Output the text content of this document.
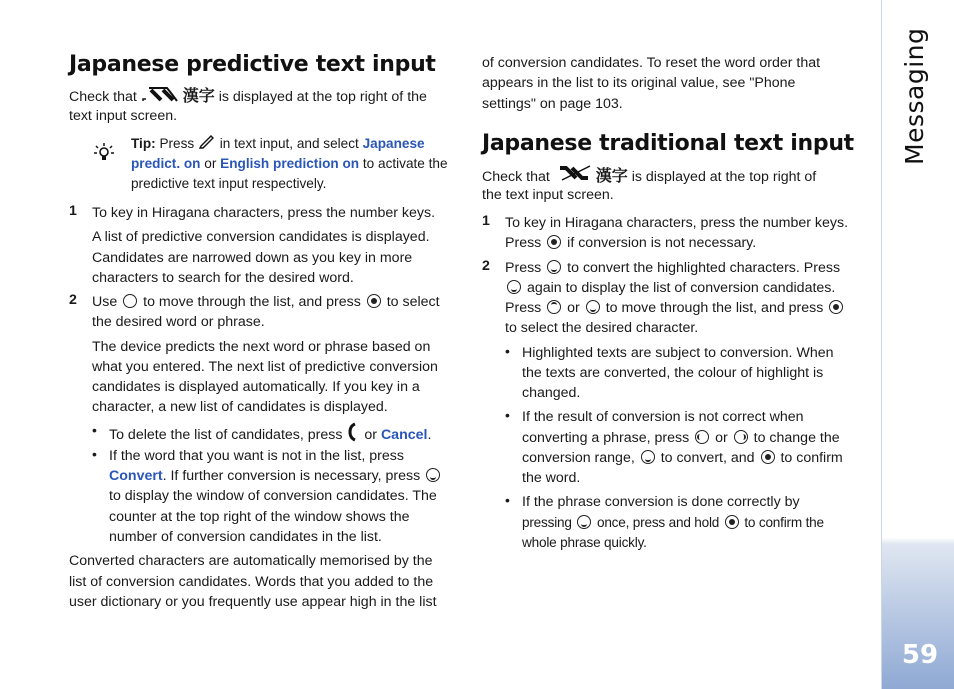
Japanese predictive text input
Check that	漢字 is displayed at the top right of the
text input screen.
Tip: Press in text input, and select Japanese
predict. on or English prediction on to activate the
predictive text input respectively.
1 To key in Hiragana characters, press the number keys.
A list of predictive conversion candidates is displayed.
Candidates are narrowed down as you key in more
characters to search for the desired word.
2 Use to move through the list, and press to select
the desired word or phrase.
The device predicts the next word or phrase based on
what you entered. The next list of predictive conversion
candidates is displayed automatically. If you key in a
character, a new list of candidates is displayed.
• To delete the list of candidates, press or Cancel.
• If the word that you want is not in the list, press
Convert. If further conversion is necessary, press
to display the window of conversion candidates. The
counter at the top right of the window shows the
number of conversion candidates in the list.
Converted characters are automatically memorised by the
list of conversion candidates. Words that you added to the
user dictionary or you frequently use appear high in the list
of conversion candidates. To reset the word order that
appears in the list to its original value, see "Phone
settings" on page 103.
Japanese traditional text input
Check that	漢字 is displayed at the top right of
the text input screen.
1 To key in Hiragana characters, press the number keys.
Press if conversion is not necessary.
2 Press to convert the highlighted characters. Press
again to display the list of conversion candidates.
Press or to move through the list, and press
to select the desired character.
• Highlighted texts are subject to conversion. When
the texts are converted, the colour of highlight is
changed.
• If the result of conversion is not correct when
converting a phrase, press or to change the
conversion range, to convert, and to confirm
the word.
• If the phrase conversion is done correctly by
pressing once, press and hold to confirm the
whole phrase quickly.
Messaging
59
